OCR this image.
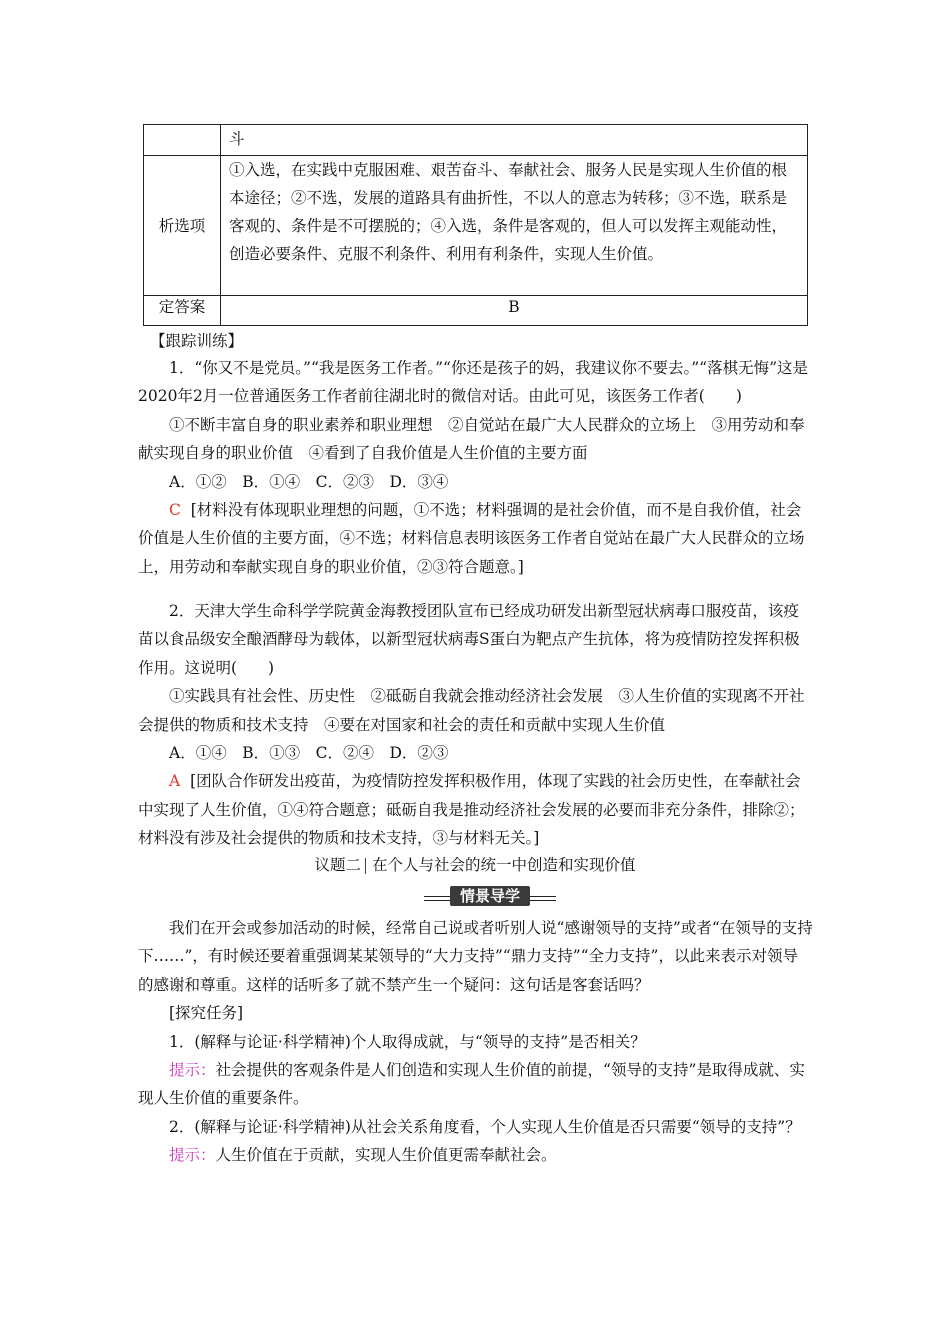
	斗
析选项	①入选，在实践中克服困难、艰苦奋斗、奉献社会、服务人民是实现人生价值的根本途径；②不选，发展的道路具有曲折性，不以人的意志为转移；③不选，联系是客观的、条件是不可摆脱的；④入选，条件是客观的，但人可以发挥主观能动性，创造必要条件、克服不利条件、利用有利条件，实现人生价值。
定答案	B
【跟踪训练】

1．“你又不是党员。”“我是医务工作者。”“你还是孩子的妈，我建议你不要去。”“落棋无悔”这是2020年2月一位普通医务工作者前往湖北时的微信对话。由此可见，该医务工作者(　　)

①不断丰富自身的职业素养和职业理想　②自觉站在最广大人民群众的立场上　③用劳动和奉献实现自身的职业价值　④看到了自我价值是人生价值的主要方面

A．①②　B．①④　C．②③　D．③④

C [材料没有体现职业理想的问题，①不选；材料强调的是社会价值，而不是自我价值，社会价值是人生价值的主要方面，④不选；材料信息表明该医务工作者自觉站在最广大人民群众的立场上，用劳动和奉献实现自身的职业价值，②③符合题意。]

2．天津大学生命科学学院黄金海教授团队宣布已经成功研发出新型冠状病毒口服疫苗，该疫苗以食品级安全酿酒酵母为载体，以新型冠状病毒S蛋白为靶点产生抗体，将为疫情防控发挥积极作用。这说明(　　)

①实践具有社会性、历史性　②砥砺自我就会推动经济社会发展　③人生价值的实现离不开社会提供的物质和技术支持　④要在对国家和社会的责任和贡献中实现人生价值

A．①④　B．①③　C．②④　D．②③

A [团队合作研发出疫苗，为疫情防控发挥积极作用，体现了实践的社会历史性，在奉献社会中实现了人生价值，①④符合题意；砥砺自我是推动经济社会发展的必要而非充分条件，排除②；材料没有涉及社会提供的物质和技术支持，③与材料无关。]

议题二 在个人与社会的统一中创造和实现价值
情景导学

我们在开会或参加活动的时候，经常自己说或者听别人说“感谢领导的支持”或者“在领导的支持下……”，有时候还要着重强调某某领导的“大力支持”“鼎力支持”“全力支持”，以此来表示对领导的感谢和尊重。这样的话听多了就不禁产生一个疑问：这句话是客套话吗？

[探究任务]

1．(解释与论证·科学精神)个人取得成就，与“领导的支持”是否相关？

提示：社会提供的客观条件是人们创造和实现人生价值的前提，“领导的支持”是取得成就、实现人生价值的重要条件。

2．(解释与论证·科学精神)从社会关系角度看，个人实现人生价值是否只需要“领导的支持”？

提示：人生价值在于贡献，实现人生价值更需奉献社会。
